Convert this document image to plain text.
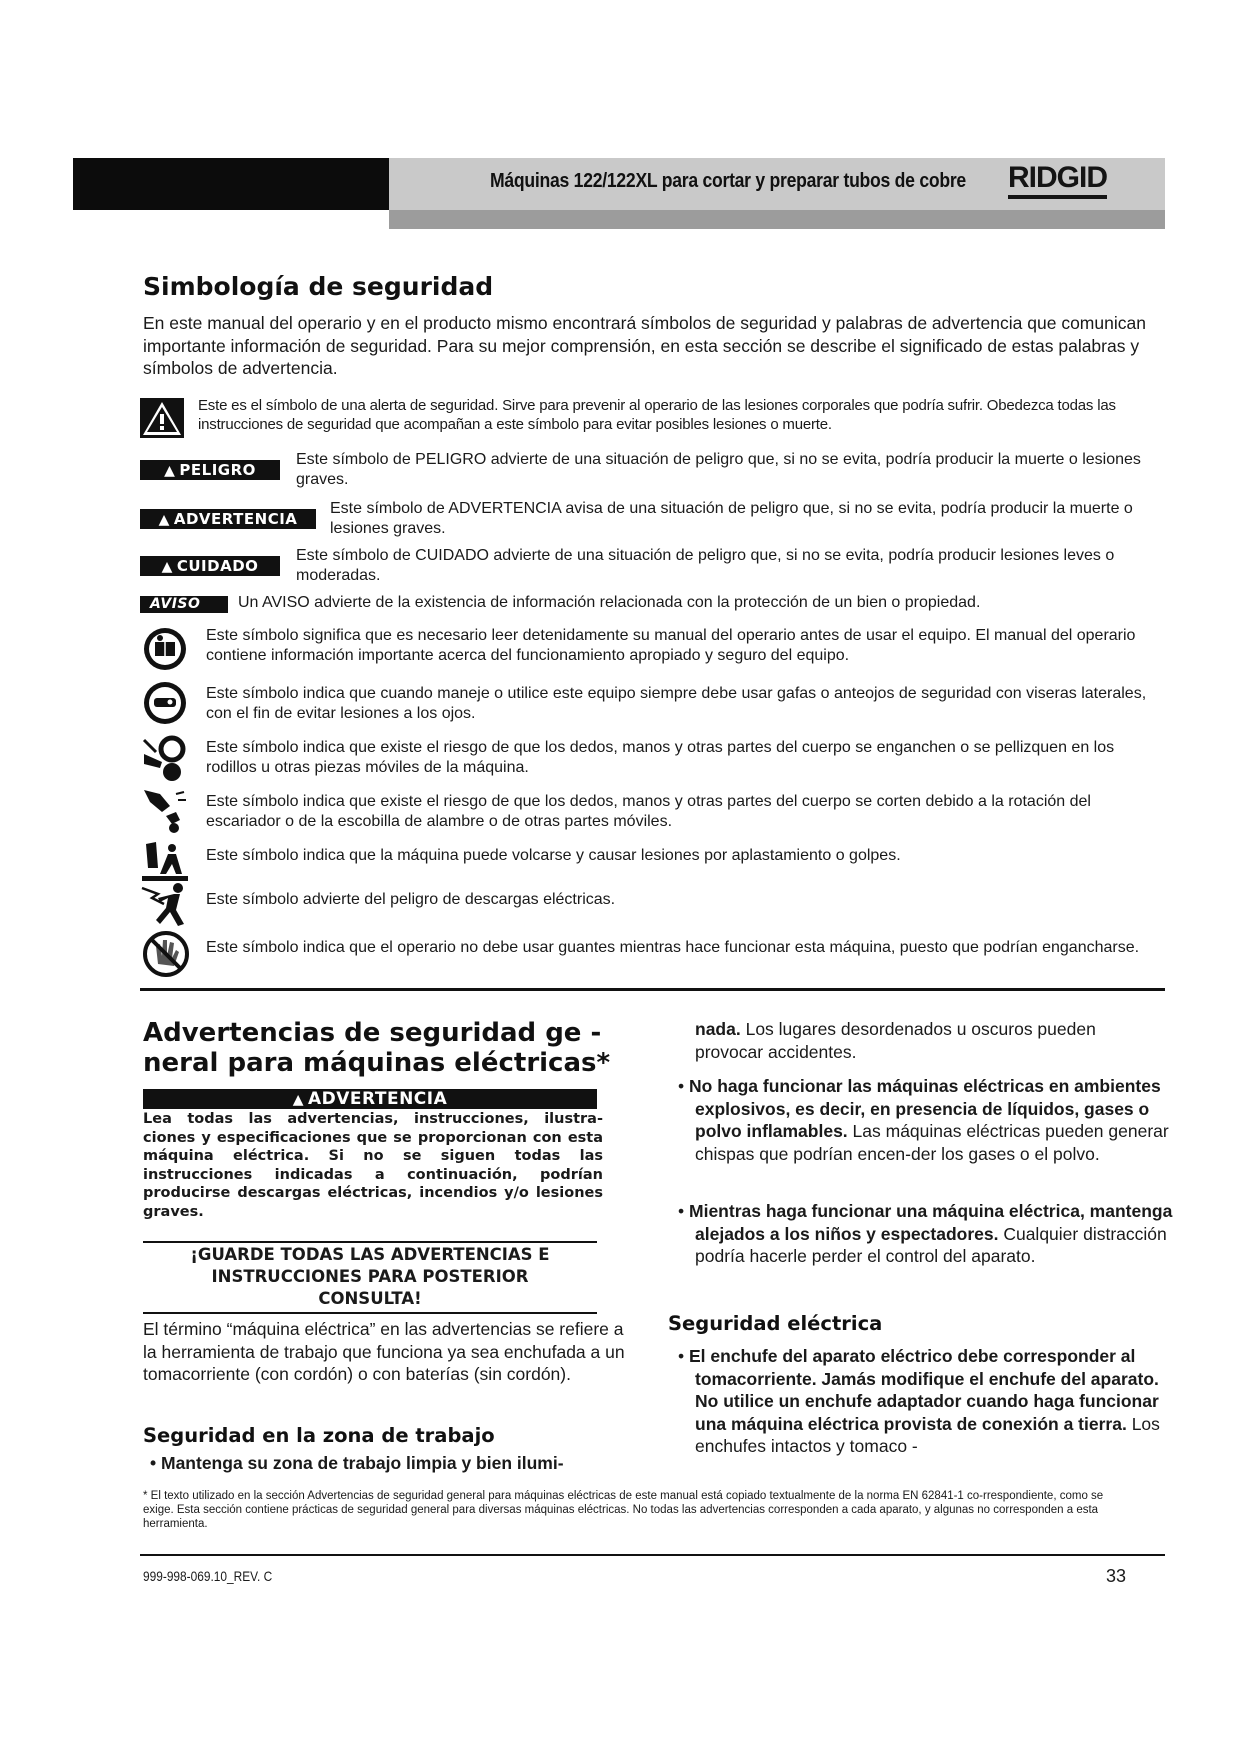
Máquinas 122/122XL para cortar y preparar tubos de cobre RIDGID
Simbología de seguridad
En este manual del operario y en el producto mismo encontrará símbolos de seguridad y palabras de advertencia que comunican importante información de seguridad. Para su mejor comprensión, en esta sección se describe el significado de estas palabras y símbolos de advertencia.
Este es el símbolo de una alerta de seguridad. Sirve para prevenir al operario de las lesiones corporales que podría sufrir. Obedezca todas las instrucciones de seguridad que acompañan a este símbolo para evitar posibles lesiones o muerte.
▲ PELIGRO
Este símbolo de PELIGRO advierte de una situación de peligro que, si no se evita, podría producir la muerte o lesiones graves.
▲ ADVERTENCIA
Este símbolo de ADVERTENCIA avisa de una situación de peligro que, si no se evita, podría producir la muerte o lesiones graves.
▲ CUIDADO
Este símbolo de CUIDADO advierte de una situación de peligro que, si no se evita, podría producir lesiones leves o moderadas.
AVISO	Un AVISO advierte de la existencia de información relacionada con la protección de un bien o propiedad.
Este símbolo significa que es necesario leer detenidamente su manual del operario antes de usar el equipo. El manual del operario contiene información importante acerca del funcionamiento apropiado y seguro del equipo.
Este símbolo indica que cuando maneje o utilice este equipo siempre debe usar gafas o anteojos de seguridad con viseras laterales, con el fin de evitar lesiones a los ojos.
Este símbolo indica que existe el riesgo de que los dedos, manos y otras partes del cuerpo se enganchen o se pellizquen en los rodillos u otras piezas móviles de la máquina.
Este símbolo indica que existe el riesgo de que los dedos, manos y otras partes del cuerpo se corten debido a la rotación del escariador o de la escobilla de alambre o de otras partes móviles.
Este símbolo indica que la máquina puede volcarse y causar lesiones por aplastamiento o golpes.
Este símbolo advierte del peligro de descargas eléctricas.
Este símbolo indica que el operario no debe usar guantes mientras hace funcionar esta máquina, puesto que podrían engancharse.
Advertencias de seguridad ge -
neral para máquinas eléctricas*
▲ ADVERTENCIA
Lea todas las advertencias, instrucciones, ilustra-ciones y especificaciones que se proporcionan con esta máquina eléctrica. Si no se siguen todas las instrucciones indicadas a continuación, podrían producirse descargas eléctricas, incendios y/o lesiones graves.
¡GUARDE TODAS LAS ADVERTENCIAS E
INSTRUCCIONES PARA POSTERIOR
CONSULTA!
El término “máquina eléctrica” en las advertencias se refiere a la herramienta de trabajo que funciona ya sea enchufada a un tomacorriente (con cordón) o con baterías (sin cordón).
Seguridad en la zona de trabajo
• Mantenga su zona de trabajo limpia y bien ilumi-
nada. Los lugares desordenados u oscuros pueden provocar accidentes.
• No haga funcionar las máquinas eléctricas en ambientes explosivos, es decir, en presencia de líquidos, gases o polvo inflamables. Las máquinas eléctricas pueden generar chispas que podrían encen-der los gases o el polvo.
• Mientras haga funcionar una máquina eléctrica, mantenga alejados a los niños y espectadores. Cualquier distracción podría hacerle perder el control del aparato.
Seguridad eléctrica
• El enchufe del aparato eléctrico debe corresponder al tomacorriente. Jamás modifique el enchufe del aparato. No utilice un enchufe adaptador cuando haga funcionar una máquina eléctrica provista de conexión a tierra. Los enchufes intactos y tomaco -
* El texto utilizado en la sección Advertencias de seguridad general para máquinas eléctricas de este manual está copiado textualmente de la norma EN 62841-1 co-rrespondiente, como se exige. Esta sección contiene prácticas de seguridad general para diversas máquinas eléctricas. No todas las advertencias corresponden a cada aparato, y algunas no corresponden a esta herramienta.
999-998-069.10_REV. C	33
